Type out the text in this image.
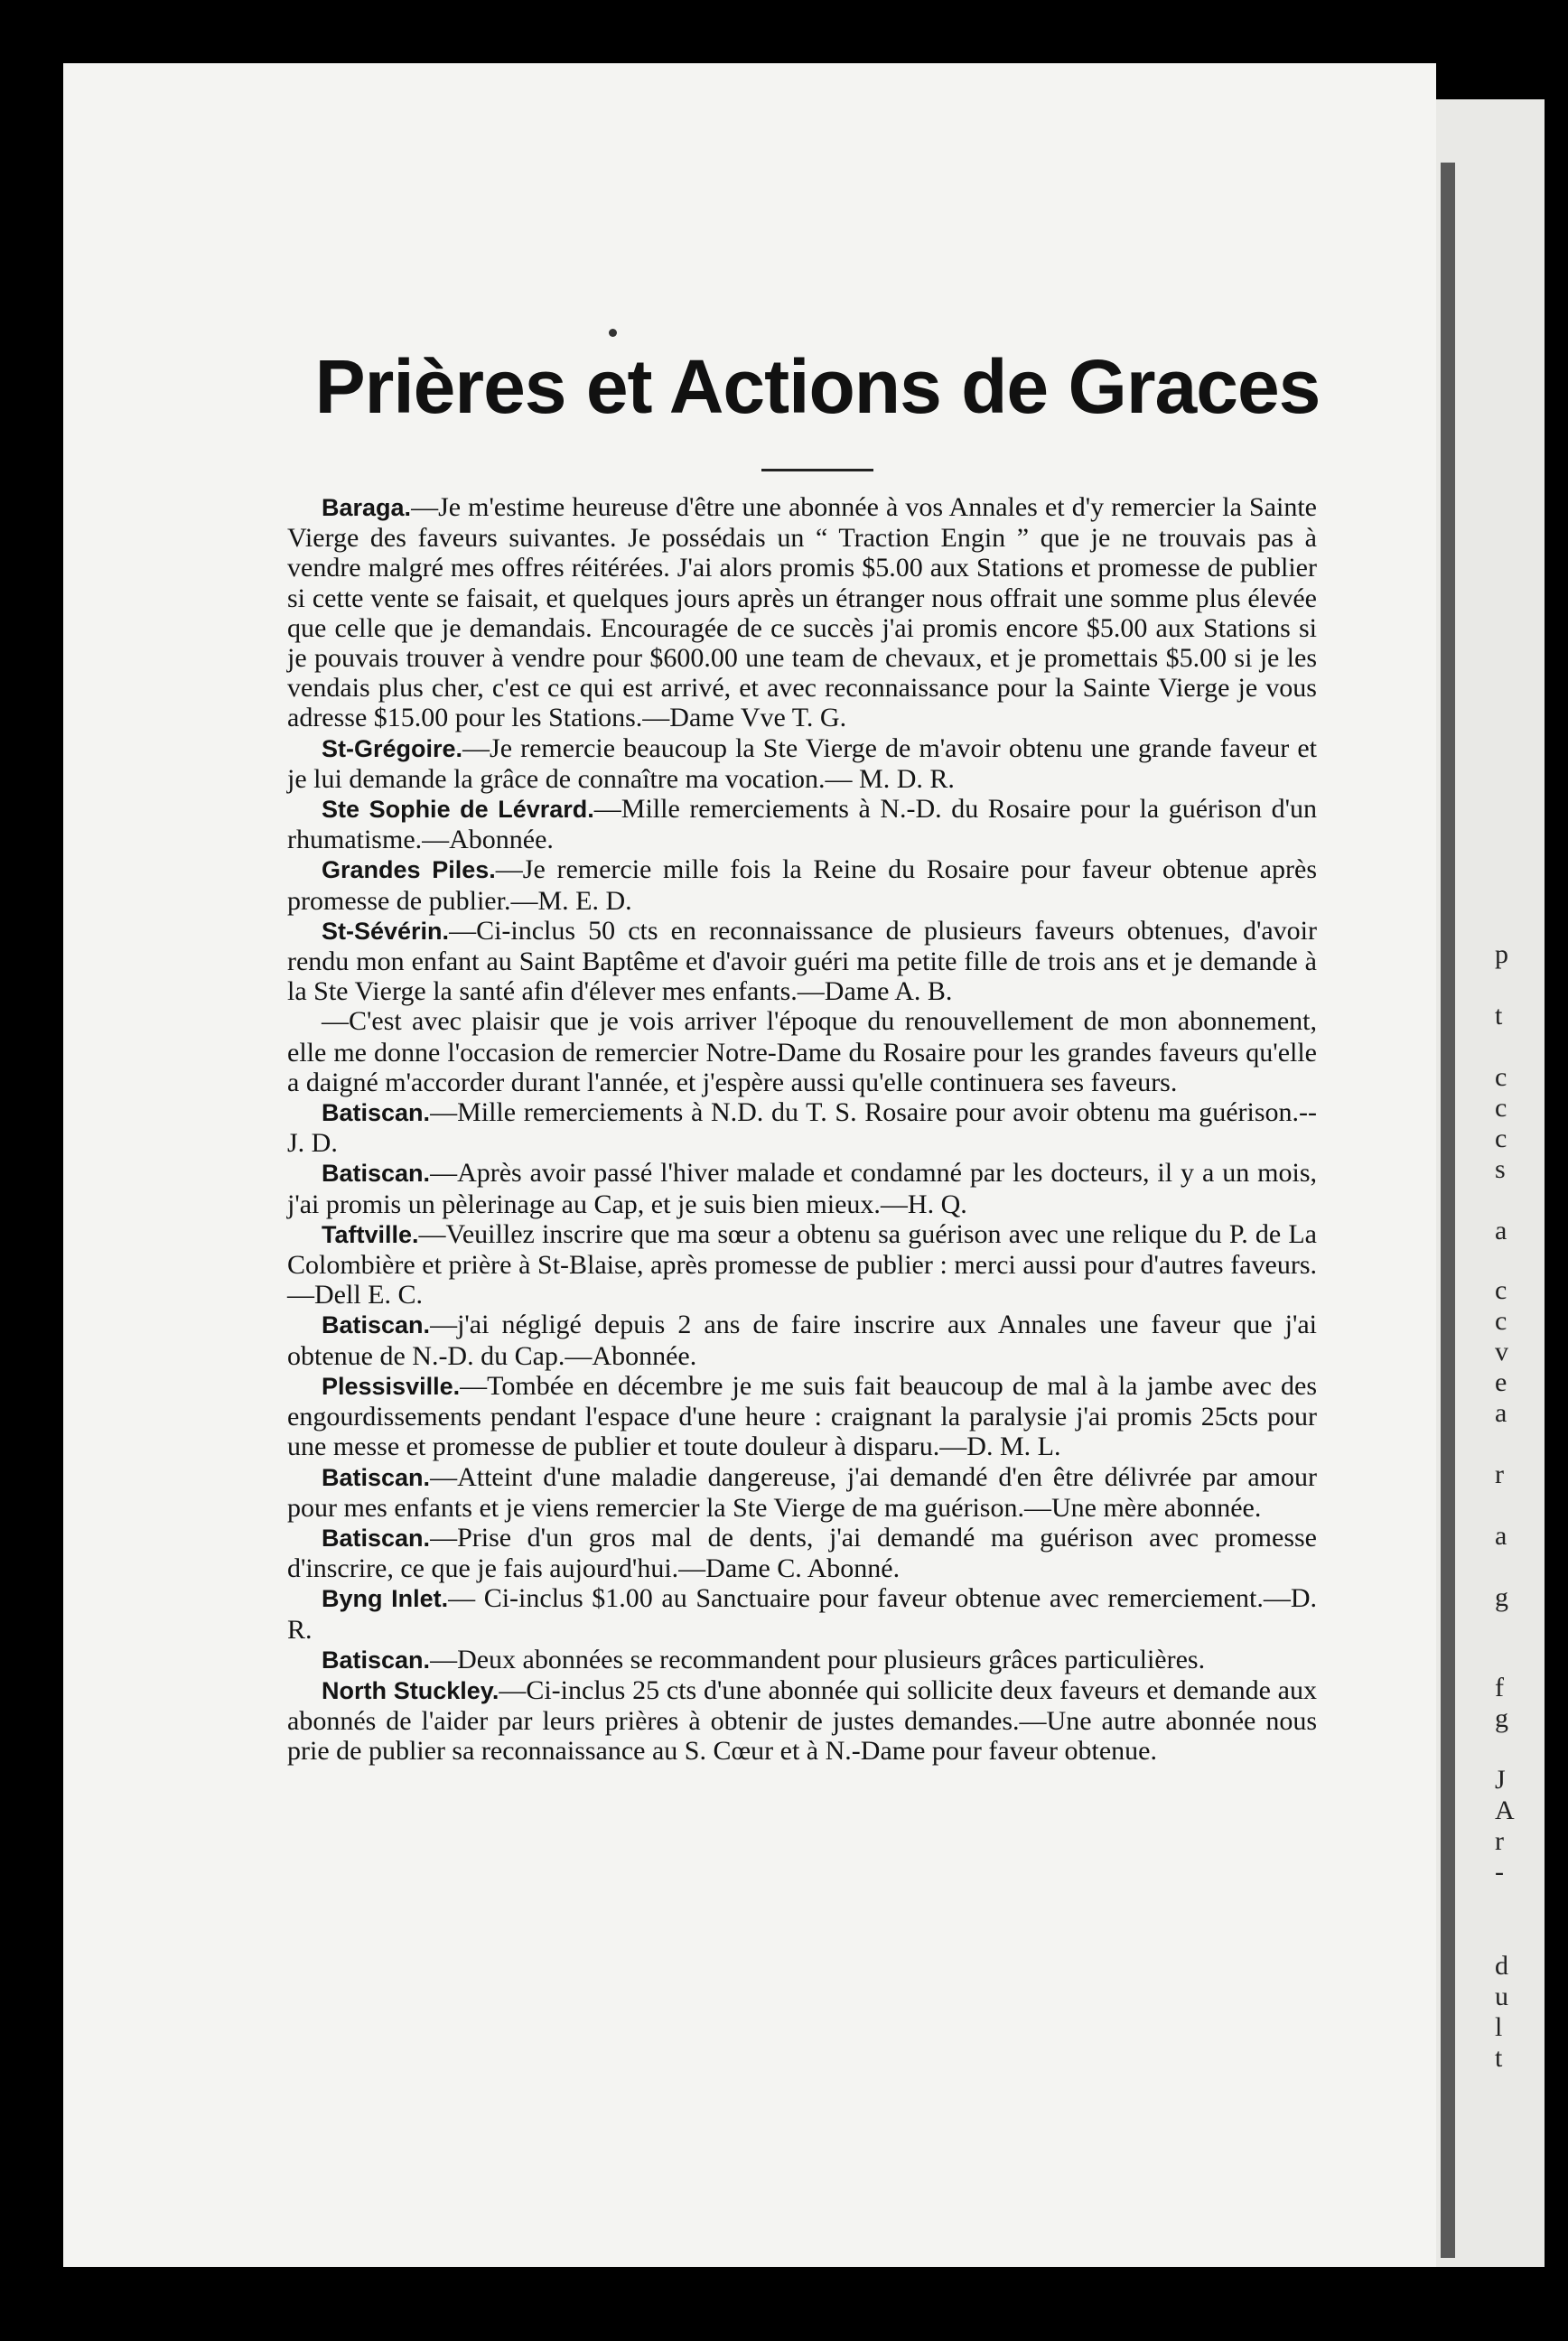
Prières et Actions de Graces

Baraga.—Je m'estime heureuse d'être une abonnée à vos Annales et d'y remercier la Sainte Vierge des faveurs suivantes. Je possédais un “ Traction Engin ” que je ne trouvais pas à vendre malgré mes offres réitérées. J'ai alors promis $5.00 aux Stations et promesse de publier si cette vente se faisait, et quelques jours après un étranger nous offrait une somme plus élevée que celle que je demandais. Encouragée de ce succès j'ai promis encore $5.00 aux Stations si je pouvais trouver à vendre pour $600.00 une team de chevaux, et je promettais $5.00 si je les vendais plus cher, c'est ce qui est arrivé, et avec reconnaissance pour la Sainte Vierge je vous adresse $15.00 pour les Stations.—Dame Vve T. G.

St-Grégoire.—Je remercie beaucoup la Ste Vierge de m'avoir obtenu une grande faveur et je lui demande la grâce de connaître ma vocation.— M. D. R.

Ste Sophie de Lévrard.—Mille remerciements à N.-D. du Rosaire pour la guérison d'un rhumatisme.—Abonnée.

Grandes Piles.—Je remercie mille fois la Reine du Rosaire pour faveur obtenue après promesse de publier.—M. E. D.

St-Sévérin.—Ci-inclus 50 cts en reconnaissance de plusieurs faveurs obtenues, d'avoir rendu mon enfant au Saint Baptême et d'avoir guéri ma petite fille de trois ans et je demande à la Ste Vierge la santé afin d'élever mes enfants.—Dame A. B.

—C'est avec plaisir que je vois arriver l'époque du renouvellement de mon abonnement, elle me donne l'occasion de remercier Notre-Dame du Rosaire pour les grandes faveurs qu'elle a daigné m'accorder durant l'année, et j'espère aussi qu'elle continuera ses faveurs.

Batiscan.—Mille remerciements à N.D. du T. S. Rosaire pour avoir obtenu ma guérison.--J. D.

Batiscan.—Après avoir passé l'hiver malade et condamné par les docteurs, il y a un mois, j'ai promis un pèlerinage au Cap, et je suis bien mieux.—H. Q.

Taftville.—Veuillez inscrire que ma sœur a obtenu sa guérison avec une relique du P. de La Colombière et prière à St-Blaise, après promesse de publier : merci aussi pour d'autres faveurs.—Dell E. C.

Batiscan.—j'ai négligé depuis 2 ans de faire inscrire aux Annales une faveur que j'ai obtenue de N.-D. du Cap.—Abonnée.

Plessisville.—Tombée en décembre je me suis fait beaucoup de mal à la jambe avec des engourdissements pendant l'espace d'une heure : craignant la paralysie j'ai promis 25cts pour une messe et promesse de publier et toute douleur à disparu.—D. M. L.

Batiscan.—Atteint d'une maladie dangereuse, j'ai demandé d'en être délivrée par amour pour mes enfants et je viens remercier la Ste Vierge de ma guérison.—Une mère abonnée.

Batiscan.—Prise d'un gros mal de dents, j'ai demandé ma guérison avec promesse d'inscrire, ce que je fais aujourd'hui.—Dame C. Abonné.

Byng Inlet.— Ci-inclus $1.00 au Sanctuaire pour faveur obtenue avec remerciement.—D. R.

Batiscan.—Deux abonnées se recommandent pour plusieurs grâces particulières.

North Stuckley.—Ci-inclus 25 cts d'une abonnée qui sollicite deux faveurs et demande aux abonnés de l'aider par leurs prières à obtenir de justes demandes.—Une autre abonnée nous prie de publier sa reconnaissance au S. Cœur et à N.-Dame pour faveur obtenue.

p
t
c
c
c
s
a
c
c
v
e
a
r
a
g
f
g
J
A
r
-
d
u
l
t
